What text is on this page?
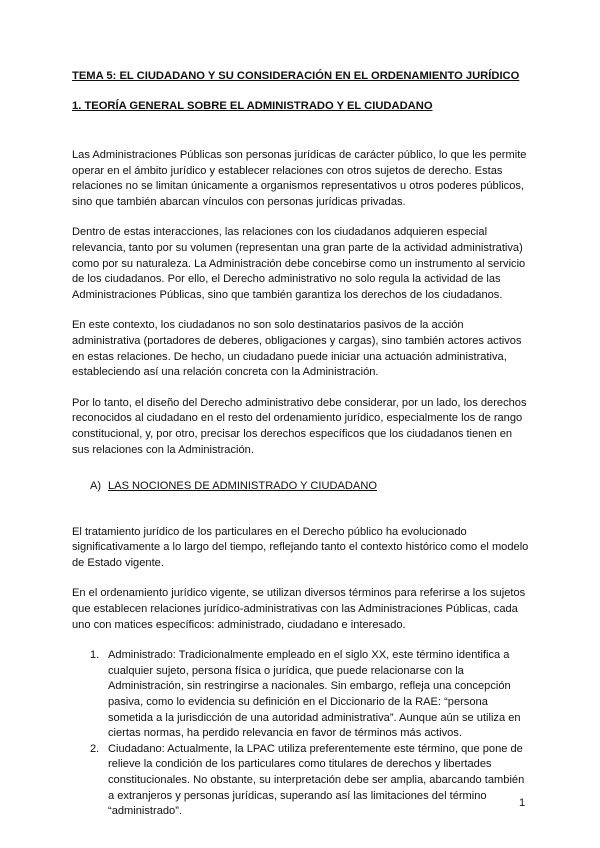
TEMA 5: EL CIUDADANO Y SU CONSIDERACIÓN EN EL ORDENAMIENTO JURÍDICO
1. TEORÍA GENERAL SOBRE EL ADMINISTRADO Y EL CIUDADANO

Las Administraciones Públicas son personas jurídicas de carácter público, lo que les permite operar en el ámbito jurídico y establecer relaciones con otros sujetos de derecho. Estas relaciones no se limitan únicamente a organismos representativos u otros poderes públicos, sino que también abarcan vínculos con personas jurídicas privadas.

Dentro de estas interacciones, las relaciones con los ciudadanos adquieren especial relevancia, tanto por su volumen (representan una gran parte de la actividad administrativa) como por su naturaleza. La Administración debe concebirse como un instrumento al servicio de los ciudadanos. Por ello, el Derecho administrativo no solo regula la actividad de las Administraciones Públicas, sino que también garantiza los derechos de los ciudadanos.

En este contexto, los ciudadanos no son solo destinatarios pasivos de la acción administrativa (portadores de deberes, obligaciones y cargas), sino también actores activos en estas relaciones. De hecho, un ciudadano puede iniciar una actuación administrativa, estableciendo así una relación concreta con la Administración.

Por lo tanto, el diseño del Derecho administrativo debe considerar, por un lado, los derechos reconocidos al ciudadano en el resto del ordenamiento jurídico, especialmente los de rango constitucional, y, por otro, precisar los derechos específicos que los ciudadanos tienen en sus relaciones con la Administración.

A) LAS NOCIONES DE ADMINISTRADO Y CIUDADANO

El tratamiento jurídico de los particulares en el Derecho público ha evolucionado significativamente a lo largo del tiempo, reflejando tanto el contexto histórico como el modelo de Estado vigente.

En el ordenamiento jurídico vigente, se utilizan diversos términos para referirse a los sujetos que establecen relaciones jurídico-administrativas con las Administraciones Públicas, cada uno con matices específicos: administrado, ciudadano e interesado.

1. Administrado: Tradicionalmente empleado en el siglo XX, este término identifica a cualquier sujeto, persona física o jurídica, que puede relacionarse con la Administración, sin restringirse a nacionales. Sin embargo, refleja una concepción pasiva, como lo evidencia su definición en el Diccionario de la RAE: “persona sometida a la jurisdicción de una autoridad administrativa”. Aunque aún se utiliza en ciertas normas, ha perdido relevancia en favor de términos más activos.
2. Ciudadano: Actualmente, la LPAC utiliza preferentemente este término, que pone de relieve la condición de los particulares como titulares de derechos y libertades constitucionales. No obstante, su interpretación debe ser amplia, abarcando también a extranjeros y personas jurídicas, superando así las limitaciones del término “administrado”.
1
